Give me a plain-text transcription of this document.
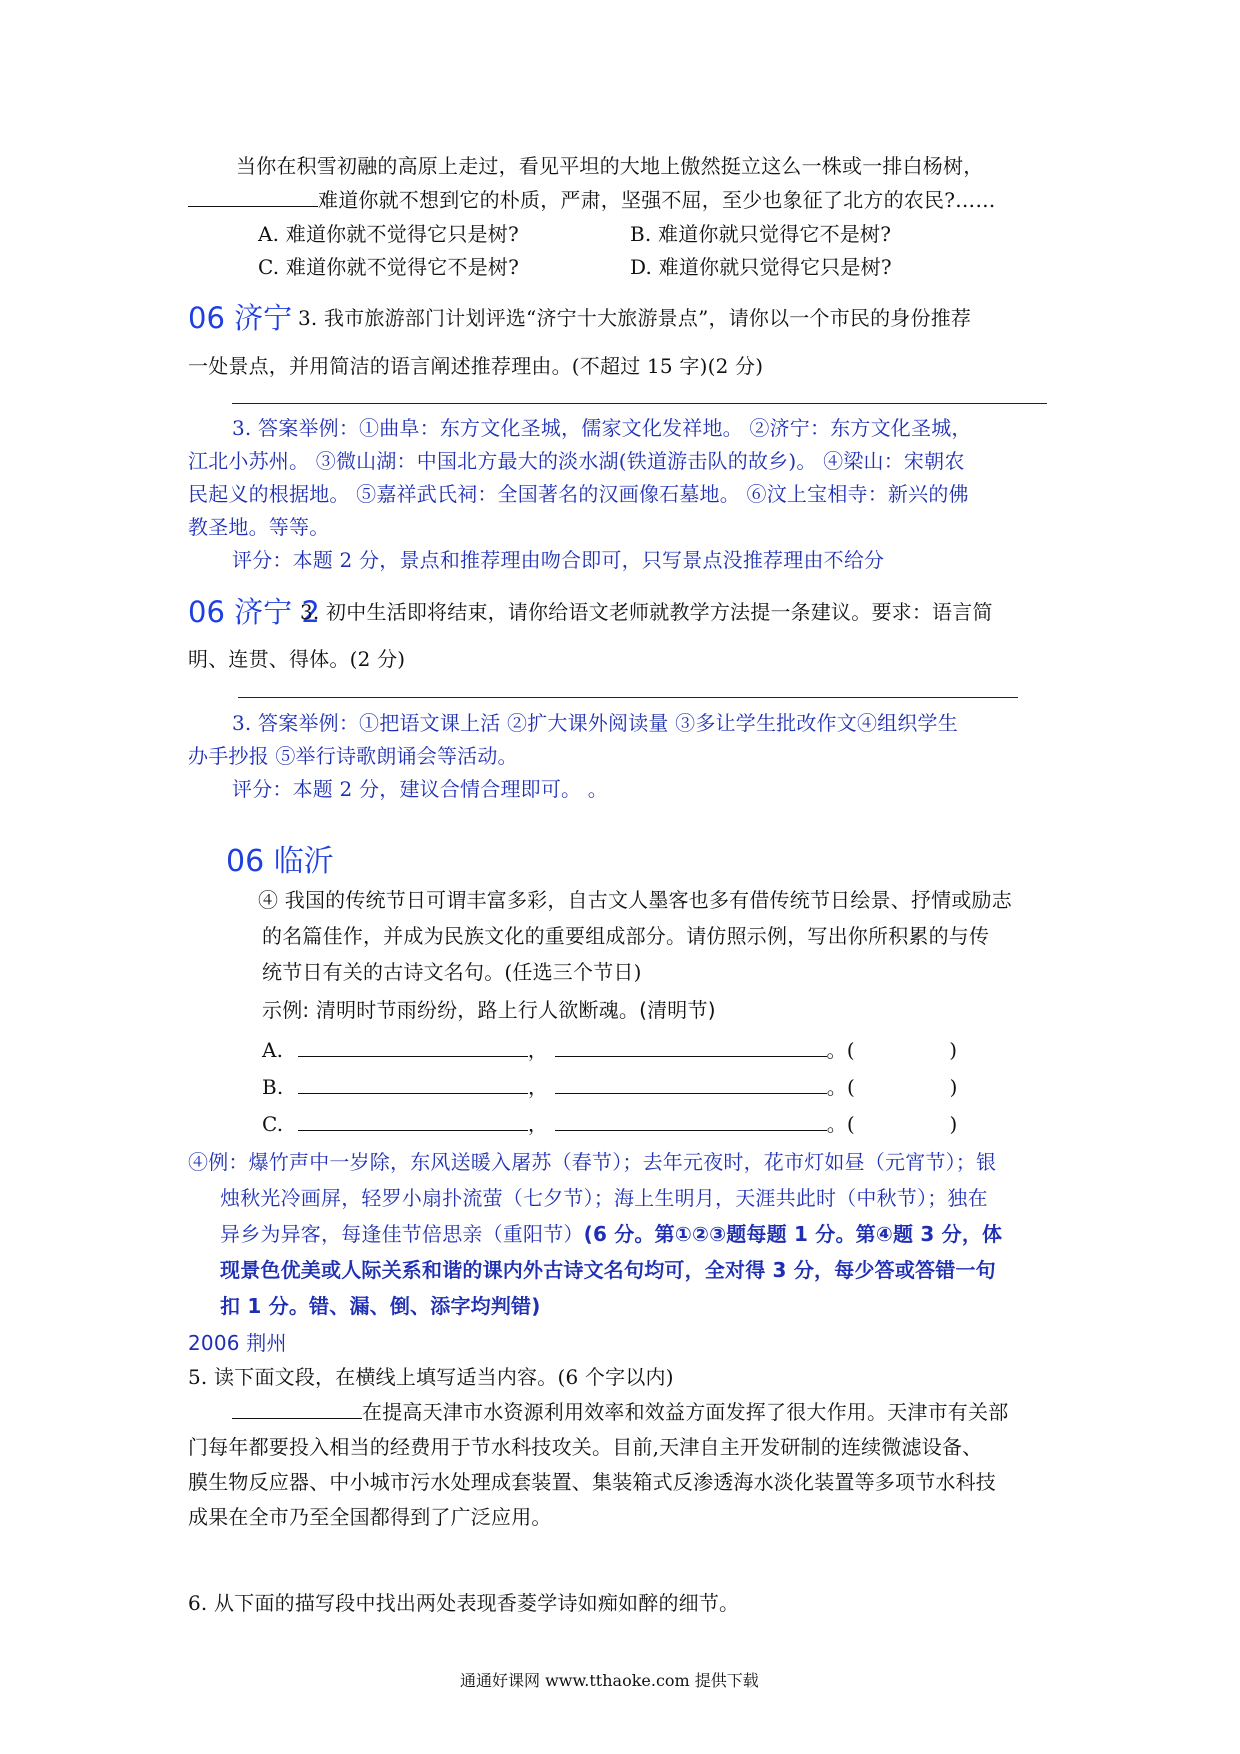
当你在积雪初融的高原上走过，看见平坦的大地上傲然挺立这么一株或一排白杨树，
难道你就不想到它的朴质，严肃，坚强不屈，至少也象征了北方的农民?……
A. 难道你就不觉得它只是树?	B. 难道你就只觉得它不是树?
C. 难道你就不觉得它不是树?	D. 难道你就只觉得它只是树?
06 济宁 3. 我市旅游部门计划评选“济宁十大旅游景点”，请你以一个市民的身份推荐
一处景点，并用简洁的语言阐述推荐理由。(不超过 15 字)(2 分)
3. 答案举例：①曲阜：东方文化圣城，儒家文化发祥地。 ②济宁：东方文化圣城，
江北小苏州。 ③微山湖：中国北方最大的淡水湖(铁道游击队的故乡)。 ④梁山：宋朝农
民起义的根据地。 ⑤嘉祥武氏祠：全国著名的汉画像石墓地。 ⑥汶上宝相寺：新兴的佛
教圣地。等等。
评分：本题 2 分，景点和推荐理由吻合即可，只写景点没推荐理由不给分
06 济宁 2
3. 初中生活即将结束，请你给语文老师就教学方法提一条建议。要求：语言简
明、连贯、得体。(2 分)
3. 答案举例：①把语文课上活 ②扩大课外阅读量 ③多让学生批改作文④组织学生
办手抄报 ⑤举行诗歌朗诵会等活动。
评分：本题 2 分，建议合情合理即可。 。
06 临沂
④ 我国的传统节日可谓丰富多彩，自古文人墨客也多有借传统节日绘景、抒情或励志
的名篇佳作，并成为民族文化的重要组成部分。请仿照示例，写出你所积累的与传
统节日有关的古诗文名句。(任选三个节日)
示例: 清明时节雨纷纷，路上行人欲断魂。(清明节)
A.	，	。(	)
B.	，	。(	)
C.	，	。(	)
④例：爆竹声中一岁除，东风送暖入屠苏（春节）；去年元夜时，花市灯如昼（元宵节）；银
烛秋光冷画屏，轻罗小扇扑流萤（七夕节）；海上生明月，天涯共此时（中秋节）；独在
异乡为异客，每逢佳节倍思亲（重阳节）(6 分。第①②③题每题 1 分。第④题 3 分，体
现景色优美或人际关系和谐的课内外古诗文名句均可，全对得 3 分，每少答或答错一句
扣 1 分。错、漏、倒、添字均判错)
2006 荆州
5. 读下面文段，在横线上填写适当内容。(6 个字以内)
在提高天津市水资源利用效率和效益方面发挥了很大作用。天津市有关部
门每年都要投入相当的经费用于节水科技攻关。目前,天津自主开发研制的连续微滤设备、
膜生物反应器、中小城市污水处理成套装置、集装箱式反渗透海水淡化装置等多项节水科技
成果在全市乃至全国都得到了广泛应用。
6. 从下面的描写段中找出两处表现香菱学诗如痴如醉的细节。
通通好课网 www.tthaoke.com 提供下载
